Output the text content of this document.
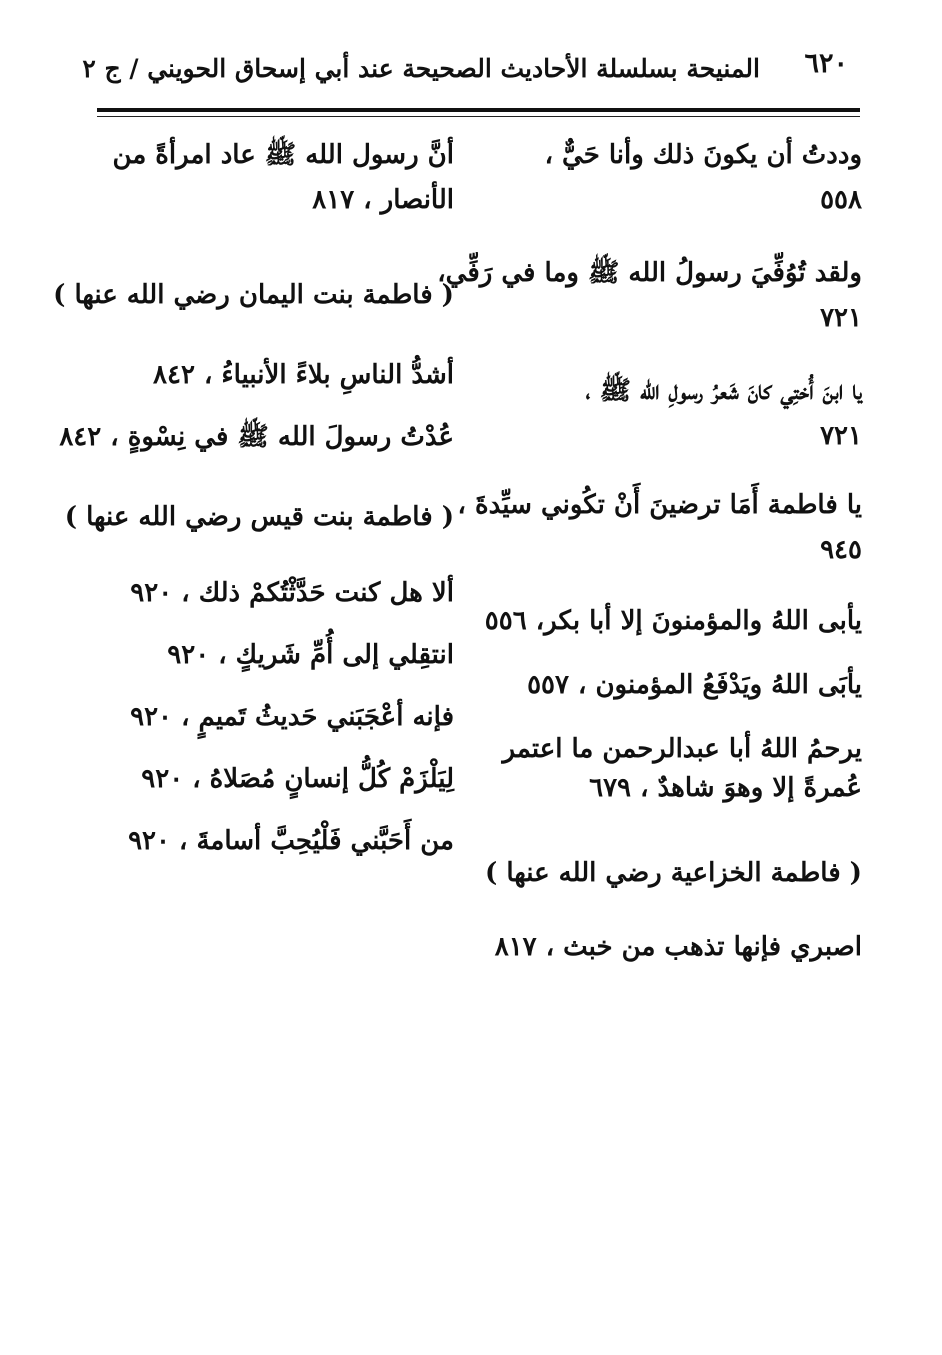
٦٢٠
المنيحة بسلسلة الأحاديث الصحيحة عند أبي إسحاق الحويني / ج ٢
وددتُ أن يكونَ ذلك وأنا حَيٌّ ،
٥٥٨
ولقد تُوُفِّيَ رسولُ الله ﷺ وما في رَفِّي،
٧٢١
يا ابنَ أُختِي كانَ شَعرُ رسولِ الله ﷺ ،
٧٢١
يا فاطمة أَمَا ترضينَ أَنْ تكُوني سيِّدةَ ،
٩٤٥
يأبى اللهُ والمؤمنونَ إلا أبا بكر، ٥٥٦
يأبَى اللهُ ويَدْفَعُ المؤمنون ، ٥٥٧
يرحمُ اللهُ أبا عبدالرحمن ما اعتمر
عُمرةً إلا وهوَ شاهدٌ ، ٦٧٩
( فاطمة الخزاعية رضي الله عنها )
اصبري فإنها تذهب من خبث ، ٨١٧
أنَّ رسول الله ﷺ عاد امرأةً من
الأنصار ، ٨١٧
( فاطمة بنت اليمان رضي الله عنها )
أشدُّ الناسِ بلاءً الأنبياءُ ، ٨٤٢
عُدْتُ رسولَ الله ﷺ في نِسْوةٍ ، ٨٤٢
( فاطمة بنت قيس رضي الله عنها )
ألا هل كنت حَدَّثْتُكمْ ذلك ، ٩٢٠
انتقِلي إلى أُمِّ شَريكٍ ، ٩٢٠
فإنه أعْجَبَني حَديثُ تَميمٍ ، ٩٢٠
لِيَلْزَمْ كُلُّ إنسانٍ مُصَلاهُ ، ٩٢٠
من أَحَبَّني فَلْيُحِبَّ أسامةَ ، ٩٢٠
